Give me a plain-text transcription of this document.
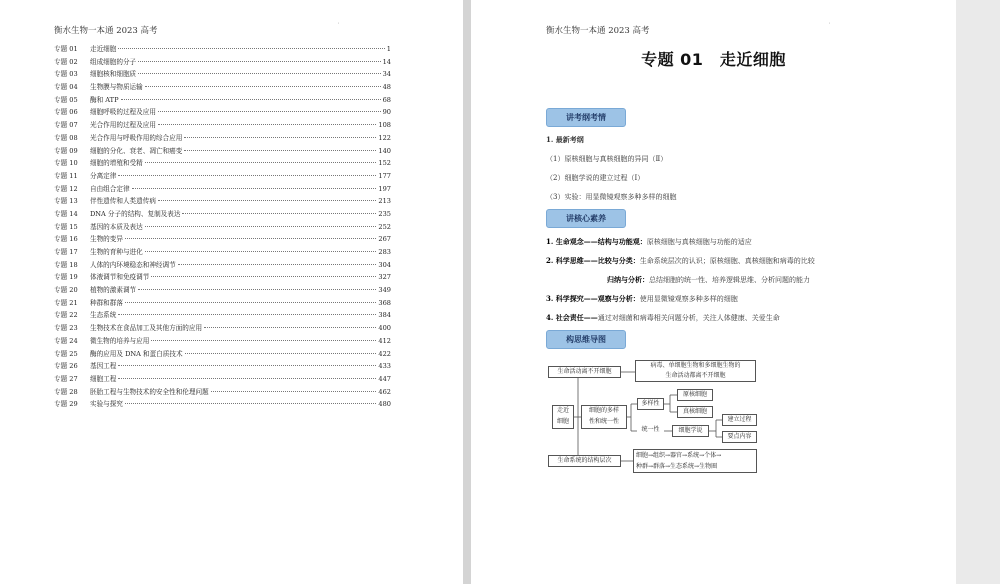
衡水生物一本通 2023 高考
'
专题 01	走近细胞	1
专题 02	组成细胞的分子	14
专题 03	细胞核和细胞质	34
专题 04	生物膜与物质运输	48
专题 05	酶和 ATP	68
专题 06	细胞呼吸的过程及应用	90
专题 07	光合作用的过程及应用	108
专题 08	光合作用与呼吸作用的综合应用	122
专题 09	细胞的分化、衰老、凋亡和癌变	140
专题 10	细胞的增殖和受精	152
专题 11	分离定律	177
专题 12	自由组合定律	197
专题 13	伴性遗传和人类遗传病	213
专题 14	DNA 分子的结构、复制及表达	235
专题 15	基因的本质及表达	252
专题 16	生物的变异	267
专题 17	生物的育种与进化	283
专题 18	人体的内环境稳态和神经调节	304
专题 19	体液调节和免疫调节	327
专题 20	植物的激素调节	349
专题 21	种群和群落	368
专题 22	生态系统	384
专题 23	生物技术在食品加工及其他方面的应用	400
专题 24	微生物的培养与应用	412
专题 25	酶的应用及 DNA 和蛋白质技术	422
专题 26	基因工程	433
专题 27	细胞工程	447
专题 28	胚胎工程与生物技术的安全性和伦理问题	462
专题 29	实验与探究	480
衡水生物一本通 2023 高考
'
专题 01　走近细胞
讲考纲考情
1. 最新考纲
（1）原核细胞与真核细胞的异同（Ⅱ）
（2）细胞学说的建立过程（Ⅰ）
（3）实验：用显微镜观察多种多样的细胞
讲核心素养
1. 生命观念——结构与功能观：原核细胞与真核细胞与功能的适应
2. 科学思维——比较与分类：生命系统层次的认识；原核细胞、真核细胞和病毒的比较
归纳与分析：总结细胞的统一性、培养逻辑思维、分析问题的能力
3. 科学探究——观察与分析：使用显微镜观察多种多样的细胞
4. 社会责任——通过对细菌和病毒相关问题分析，关注人体健康、关爱生命
构思维导图
生命活动离不开细胞
病毒、单细胞生物和多细胞生物的
生命活动都离不开细胞
走近
细胞
细胞的多样
性和统一性
多样性
原核细胞
真核细胞
统一性	细胞学说
建立过程
要点内容
生命系统的结构层次
细胞→组织→器官→系统→个体→
种群→群落→生态系统→生物圈
